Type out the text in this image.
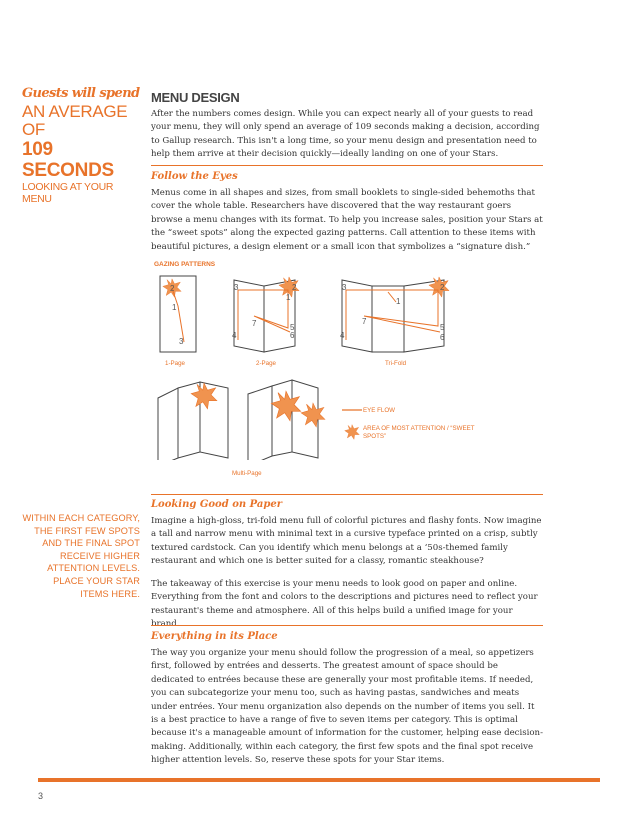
Guests will spend
AN AVERAGE OF
109 SECONDS
LOOKING AT YOUR MENU
MENU DESIGN

After the numbers comes design. While you can expect nearly all of your guests to read your menu, they will only spend an average of 109 seconds making a decision, according to Gallup research. This isn't a long time, so your menu design and presentation need to help them arrive at their decision quickly—ideally landing on one of your Stars.

Follow the Eyes

Menus come in all shapes and sizes, from small booklets to single-sided behemoths that cover the whole table. Researchers have discovered that the way restaurant goers browse a menu changes with its format. To help you increase sales, position your Stars at the “sweet spots” along the expected gazing patterns. Call attention to these items with beautiful pictures, a design element or a small icon that symbolizes a “signature dish.”

GAZING PATTERNS
2
1
3
3	2
1
7
4
5
6
3	2
1
7
4
5
6
1-Page	2-Page	Tri-Fold
Multi-Page
EYE FLOW
AREA OF MOST ATTENTION / “SWEET SPOTS”
WITHIN EACH CATEGORY, THE FIRST FEW SPOTS AND THE FINAL SPOT RECEIVE HIGHER ATTENTION LEVELS. PLACE YOUR STAR ITEMS HERE.
Looking Good on Paper

Imagine a high-gloss, tri-fold menu full of colorful pictures and flashy fonts. Now imagine a tall and narrow menu with minimal text in a cursive typeface printed on a crisp, subtly textured cardstock. Can you identify which menu belongs at a ‘50s-themed family restaurant and which one is better suited for a classy, romantic steakhouse?

The takeaway of this exercise is your menu needs to look good on paper and online. Everything from the font and colors to the descriptions and pictures need to reflect your restaurant's theme and atmosphere. All of this helps build a unified image for your

Everything in its Place

The way you organize your menu should follow the progression of a meal, so appetizers first, followed by entrées and desserts. The greatest amount of space should be dedicated to entrées because these are generally your most profitable items. If needed, you can subcategorize your menu too, such as having pastas, sandwiches and meats under entrées. Your menu organization also depends on the number of items you sell. It is a best practice to have a range of five to seven items per category. This is optimal because it's a manageable amount of information for the customer, helping ease decision-making. Additionally, within each category, the first few spots and the final spot receive higher attention levels. So, reserve these spots for your Star items.

3
